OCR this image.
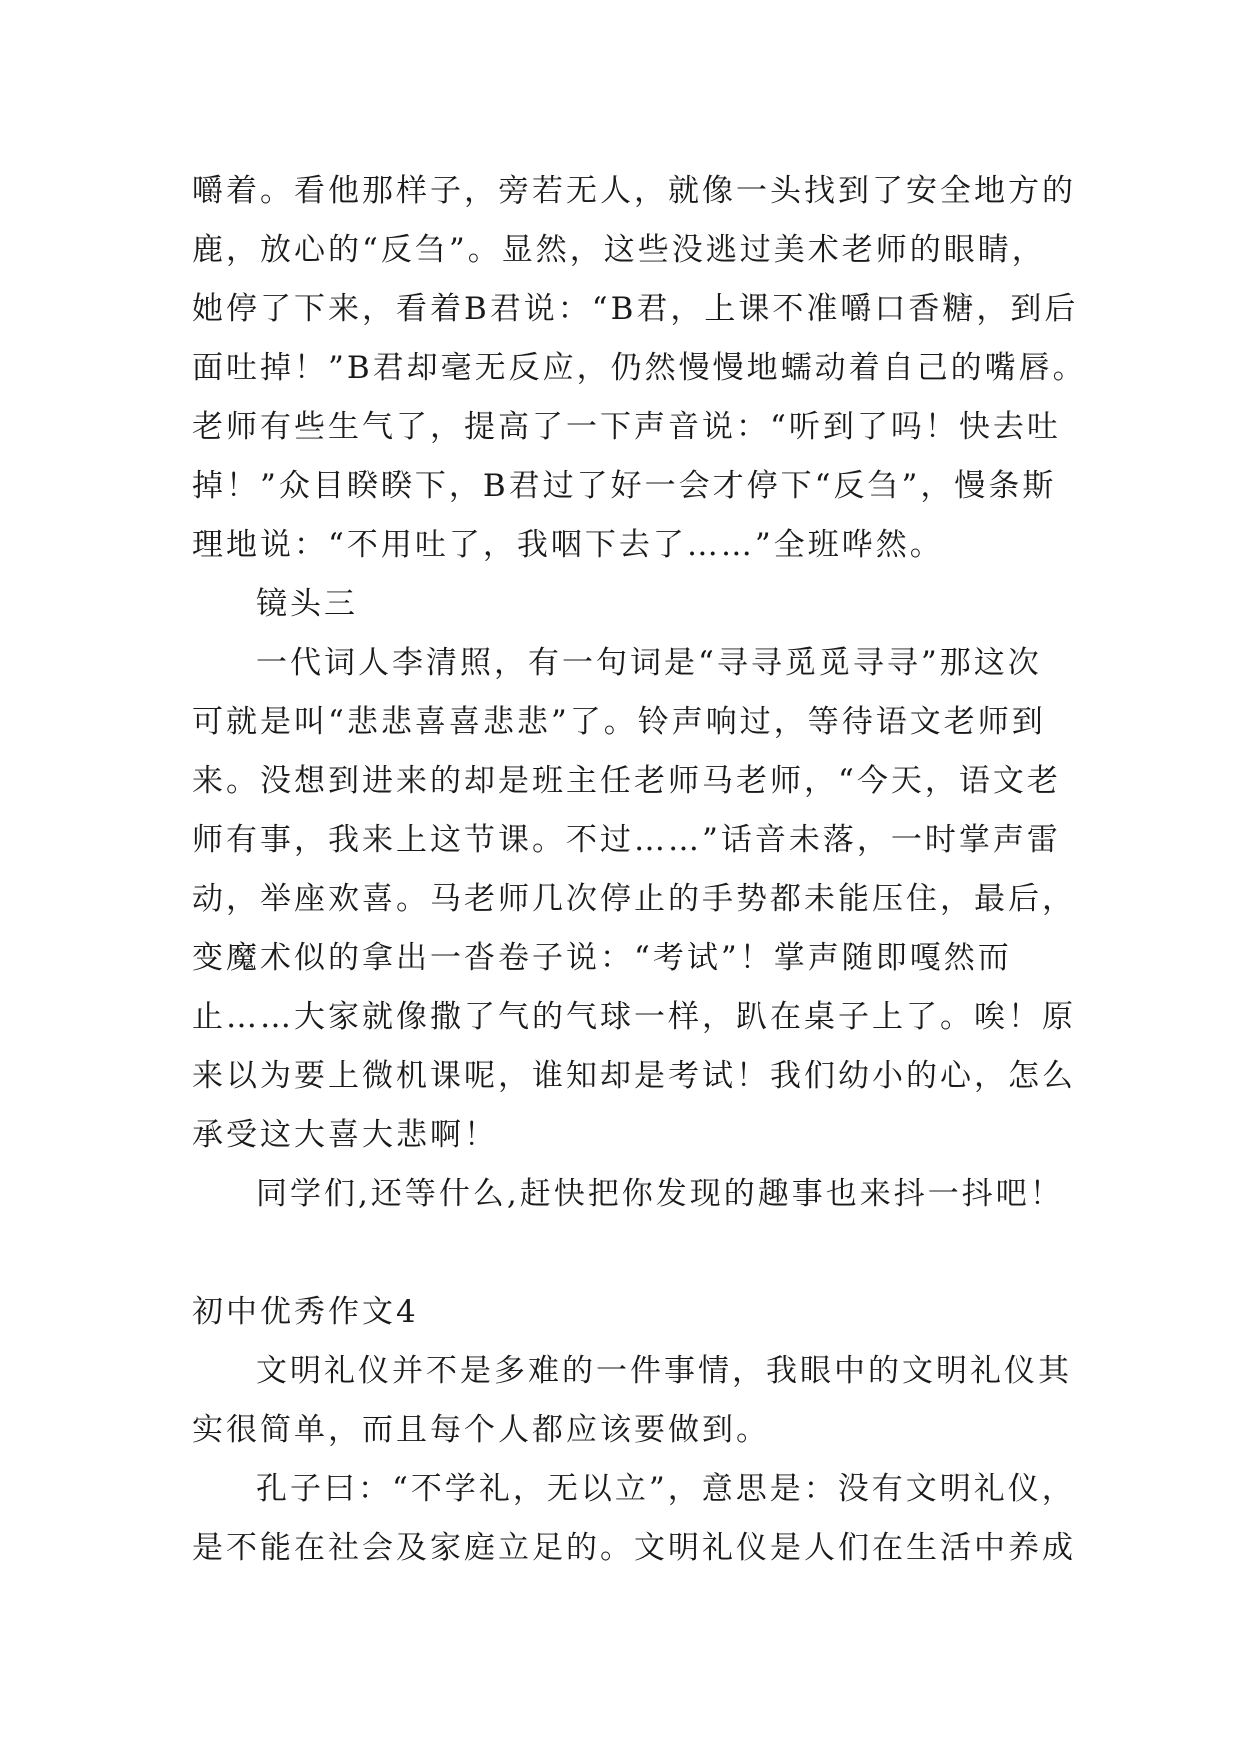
嚼着。看他那样子，旁若无人，就像一头找到了安全地方的
鹿，放心的“反刍”。显然，这些没逃过美术老师的眼睛，
她停了下来，看着B君说：“B君，上课不准嚼口香糖，到后
面吐掉！”B君却毫无反应，仍然慢慢地蠕动着自己的嘴唇。
老师有些生气了，提高了一下声音说：“听到了吗！快去吐
掉！”众目睽睽下，B君过了好一会才停下“反刍”，慢条斯
理地说：“不用吐了，我咽下去了……”全班哗然。
镜头三
一代词人李清照，有一句词是“寻寻觅觅寻寻”那这次
可就是叫“悲悲喜喜悲悲”了。铃声响过，等待语文老师到
来。没想到进来的却是班主任老师马老师，“今天，语文老
师有事，我来上这节课。不过……”话音未落，一时掌声雷
动，举座欢喜。马老师几次停止的手势都未能压住，最后，
变魔术似的拿出一沓卷子说：“考试”！掌声随即嘎然而
止……大家就像撒了气的气球一样，趴在桌子上了。唉！原
来以为要上微机课呢，谁知却是考试！我们幼小的心，怎么
承受这大喜大悲啊！
同学们,还等什么,赶快把你发现的趣事也来抖一抖吧！
初中优秀作文4
文明礼仪并不是多难的一件事情，我眼中的文明礼仪其
实很简单，而且每个人都应该要做到。
孔子曰：“不学礼，无以立”，意思是：没有文明礼仪，
是不能在社会及家庭立足的。文明礼仪是人们在生活中养成
